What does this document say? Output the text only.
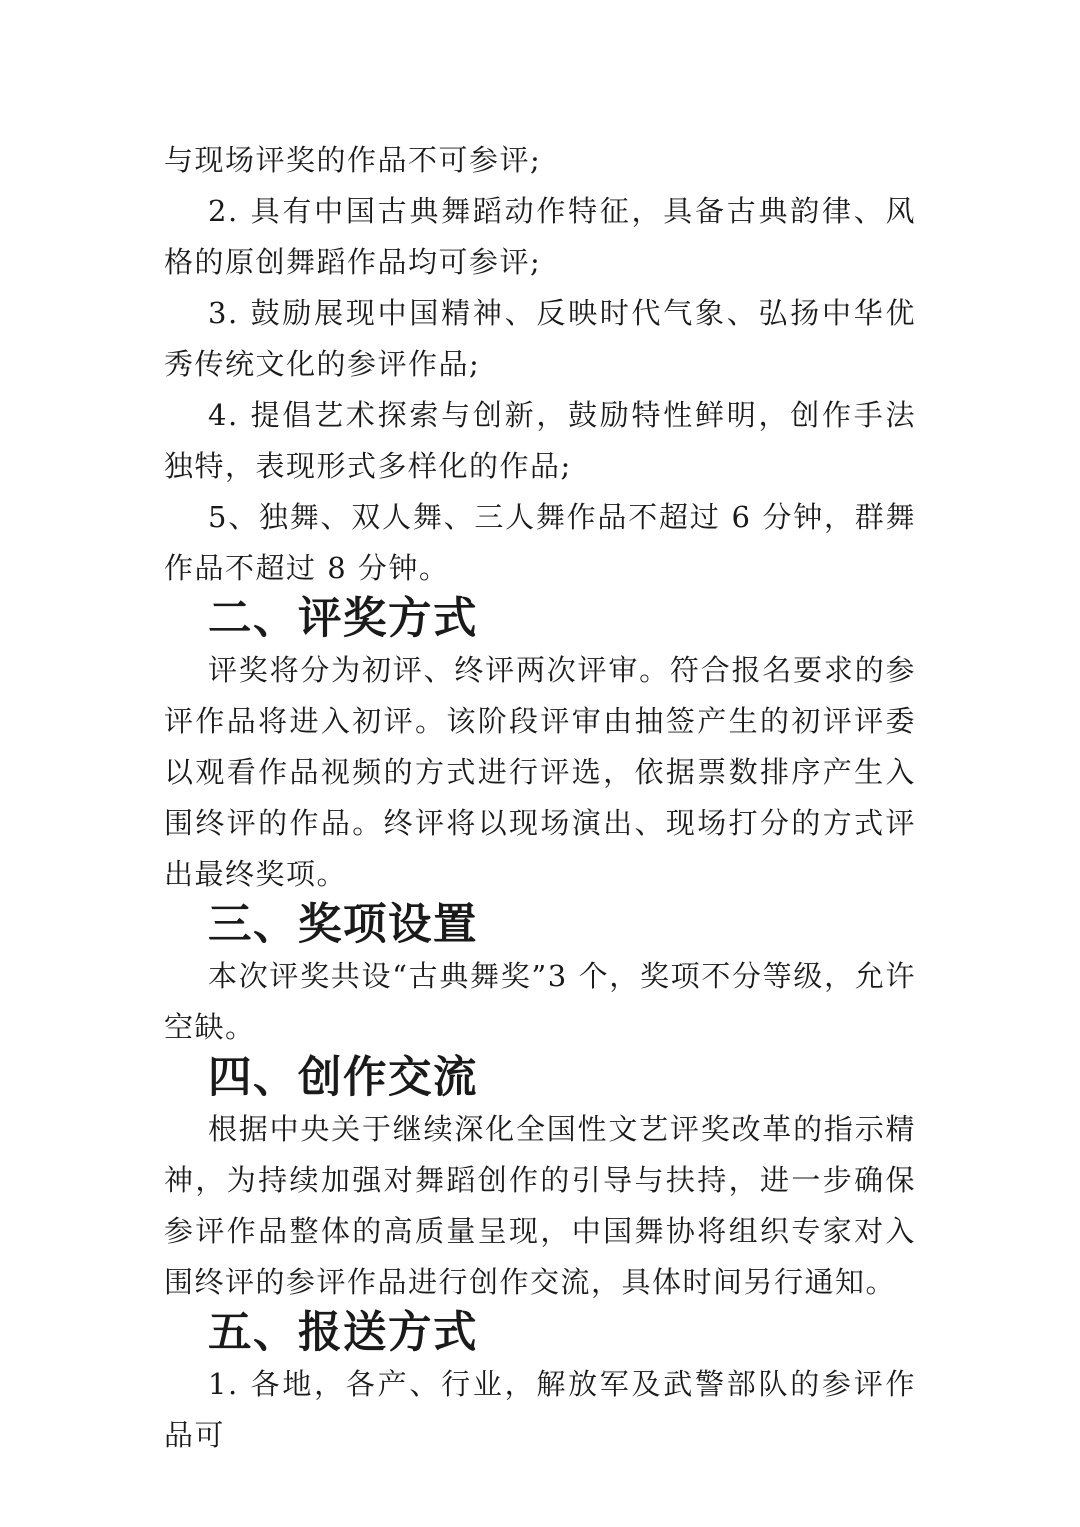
与现场评奖的作品不可参评;

2. 具有中国古典舞蹈动作特征，具备古典韵律、风格的原创舞蹈作品均可参评;

3. 鼓励展现中国精神、反映时代气象、弘扬中华优秀传统文化的参评作品;

4. 提倡艺术探索与创新，鼓励特性鲜明，创作手法独特，表现形式多样化的作品;

5、独舞、双人舞、三人舞作品不超过 6 分钟，群舞作品不超过 8 分钟。

二、评奖方式

评奖将分为初评、终评两次评审。符合报名要求的参评作品将进入初评。该阶段评审由抽签产生的初评评委以观看作品视频的方式进行评选，依据票数排序产生入围终评的作品。终评将以现场演出、现场打分的方式评出最终奖项。

三、奖项设置

本次评奖共设“古典舞奖”3 个，奖项不分等级，允许空缺。

四、创作交流

根据中央关于继续深化全国性文艺评奖改革的指示精神，为持续加强对舞蹈创作的引导与扶持，进一步确保参评作品整体的高质量呈现，中国舞协将组织专家对入围终评的参评作品进行创作交流，具体时间另行通知。

五、报送方式

1. 各地，各产、行业，解放军及武警部队的参评作品可
